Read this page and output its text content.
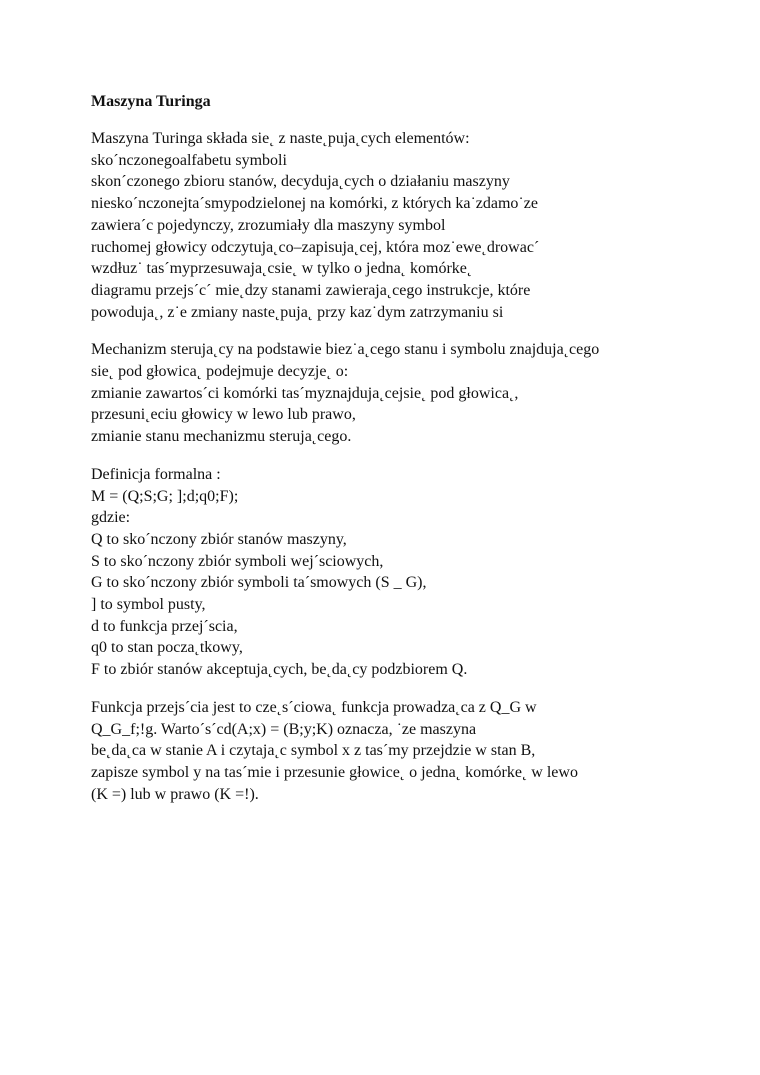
Maszyna Turinga
Maszyna Turinga składa sie˛ z naste˛puja˛cych elementów:
sko´nczonegoalfabetu symboli
skon´czonego zbioru stanów, decyduja˛cych o działaniu maszyny
niesko´nczonejta´smypodzielonej na komórki, z których ka˙zdamo˙ze
zawiera´c pojedynczy, zrozumiały dla maszyny symbol
ruchomej głowicy odczytuja˛co–zapisuja˛cej, która moz˙ewe˛drowac´
wzdłuz˙ tas´myprzesuwaja˛csie˛ w tylko o jedna˛ komórke˛
diagramu przejs´c´ mie˛dzy stanami zawieraja˛cego instrukcje, które
powoduja˛, z˙e zmiany naste˛puja˛ przy kaz˙dym zatrzymaniu si
Mechanizm steruja˛cy na podstawie biez˙a˛cego stanu i symbolu znajduja˛cego
sie˛ pod głowica˛ podejmuje decyzje˛ o:
zmianie zawartos´ci komórki tas´myznajduja˛cejsie˛ pod głowica˛,
przesuni˛eciu głowicy w lewo lub prawo,
zmianie stanu mechanizmu steruja˛cego.
Definicja formalna :
M = (Q;S;G; ];d;q0;F);
gdzie:
Q to sko´nczony zbiór stanów maszyny,
S to sko´nczony zbiór symboli wej´sciowych,
G to sko´nczony zbiór symboli ta´smowych (S _ G),
] to symbol pusty,
d to funkcja przej´scia,
q0 to stan pocza˛tkowy,
F to zbiór stanów akceptuja˛cych, be˛da˛cy podzbiorem Q.
Funkcja przejs´cia jest to cze˛s´ciowa˛ funkcja prowadza˛ca z Q_G w
Q_G_f;!g. Warto´s´cd(A;x) = (B;y;K) oznacza, ˙ze maszyna
be˛da˛ca w stanie A i czytaja˛c symbol x z tas´my przejdzie w stan B,
zapisze symbol y na tas´mie i przesunie głowice˛ o jedna˛ komórke˛ w lewo
(K =) lub w prawo (K =!).
